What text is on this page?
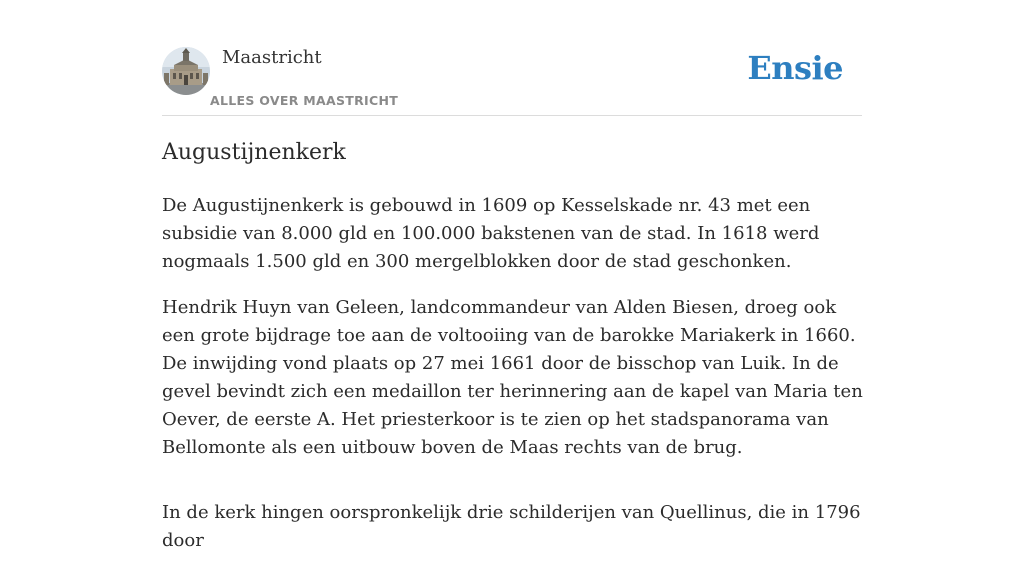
Maastricht
ALLES OVER MAASTRICHT
Ensie
Augustijnenkerk

De Augustijnenkerk is gebouwd in 1609 op Kesselskade nr. 43 met een subsidie van 8.000 gld en 100.000 bakstenen van de stad. In 1618 werd nogmaals 1.500 gld en 300 mergelblokken door de stad geschonken.

Hendrik Huyn van Geleen, landcommandeur van Alden Biesen, droeg ook een grote bijdrage toe aan de voltooiing van de barokke Mariakerk in 1660. De inwijding vond plaats op 27 mei 1661 door de bisschop van Luik. In de gevel bevindt zich een medaillon ter herinnering aan de kapel van Maria ten Oever, de eerste A. Het priesterkoor is te zien op het stadspanorama van Bellomonte als een uitbouw boven de Maas rechts van de brug.

In de kerk hingen oorspronkelijk drie schilderijen van Quellinus, die in 1796 door
